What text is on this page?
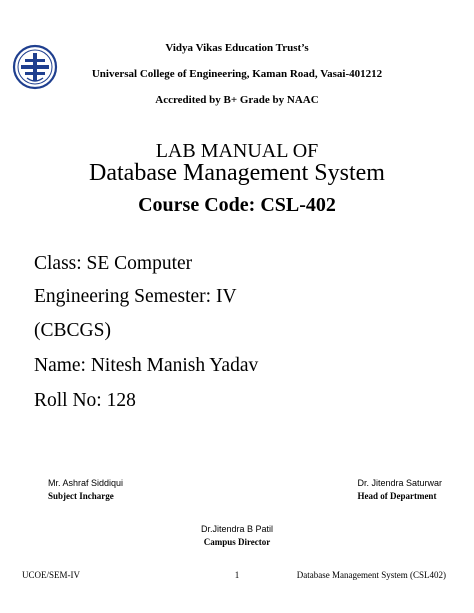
Vidya Vikas Education Trust’s
Universal College of Engineering, Kaman Road, Vasai-401212
Accredited by B+ Grade by NAAC
LAB MANUAL OF
Database Management System
Course Code: CSL-402
Class: SE Computer
Engineering Semester: IV
(CBCGS)
Name: Nitesh Manish Yadav
Roll No: 128
Mr. Ashraf Siddiqui
Subject Incharge
Dr. Jitendra Saturwar
Head of Department
Dr.Jitendra B Patil
Campus Director
UCOE/SEM-IV	1	Database Management System (CSL402)
